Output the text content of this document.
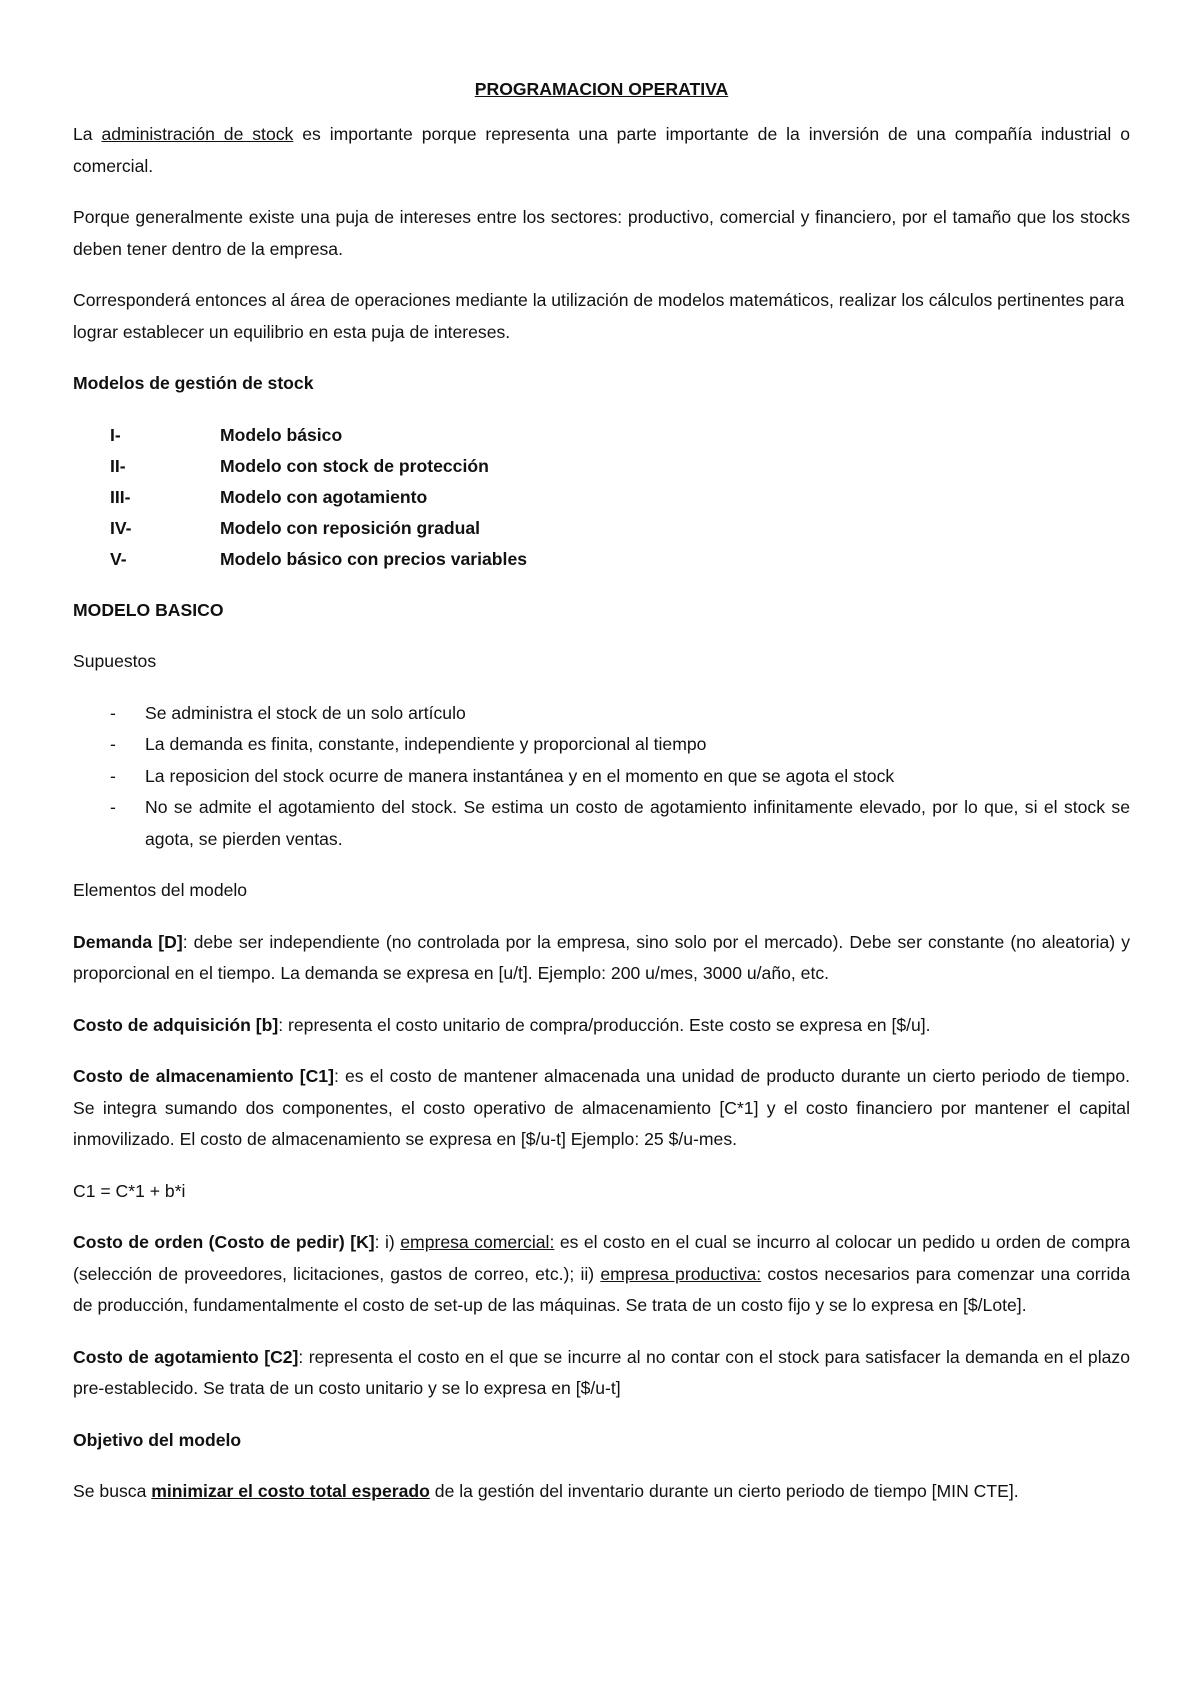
PROGRAMACION OPERATIVA

La administración de stock es importante porque representa una parte importante de la inversión de una compañía industrial o comercial.

Porque generalmente existe una puja de intereses entre los sectores: productivo, comercial y financiero, por el tamaño que los stocks deben tener dentro de la empresa.

Corresponderá entonces al área de operaciones mediante la utilización de modelos matemáticos, realizar los cálculos pertinentes para lograr establecer un equilibrio en esta puja de intereses.

Modelos de gestión de stock
I-	Modelo básico
II-	Modelo con stock de protección
III-	Modelo con agotamiento
IV-	Modelo con reposición gradual
V-	Modelo básico con precios variables
MODELO BASICO
Supuestos
-	Se administra el stock de un solo artículo
-	La demanda es finita, constante, independiente y proporcional al tiempo
-	La reposicion del stock ocurre de manera instantánea y en el momento en que se agota el stock
-	No se admite el agotamiento del stock. Se estima un costo de agotamiento infinitamente elevado, por lo que, si el stock se agota, se pierden ventas.
Elementos del modelo

Demanda [D]: debe ser independiente (no controlada por la empresa, sino solo por el mercado). Debe ser constante (no aleatoria) y proporcional en el tiempo. La demanda se expresa en [u/t]. Ejemplo: 200 u/mes, 3000 u/año, etc.

Costo de adquisición [b]: representa el costo unitario de compra/producción. Este costo se expresa en [$/u].

Costo de almacenamiento [C1]: es el costo de mantener almacenada una unidad de producto durante un cierto periodo de tiempo. Se integra sumando dos componentes, el costo operativo de almacenamiento [C*1] y el costo financiero por mantener el capital inmovilizado. El costo de almacenamiento se expresa en [$/u-t] Ejemplo: 25 $/u-mes.

C1 = C*1 + b*i

Costo de orden (Costo de pedir) [K]: i) empresa comercial: es el costo en el cual se incurro al colocar un pedido u orden de compra (selección de proveedores, licitaciones, gastos de correo, etc.); ii) empresa productiva: costos necesarios para comenzar una corrida de producción, fundamentalmente el costo de set-up de las máquinas. Se trata de un costo fijo y se lo expresa en [$/Lote].

Costo de agotamiento [C2]: representa el costo en el que se incurre al no contar con el stock para satisfacer la demanda en el plazo pre-establecido. Se trata de un costo unitario y se lo expresa en [$/u-t]

Objetivo del modelo

Se busca minimizar el costo total esperado de la gestión del inventario durante un cierto periodo de tiempo [MIN CTE].
